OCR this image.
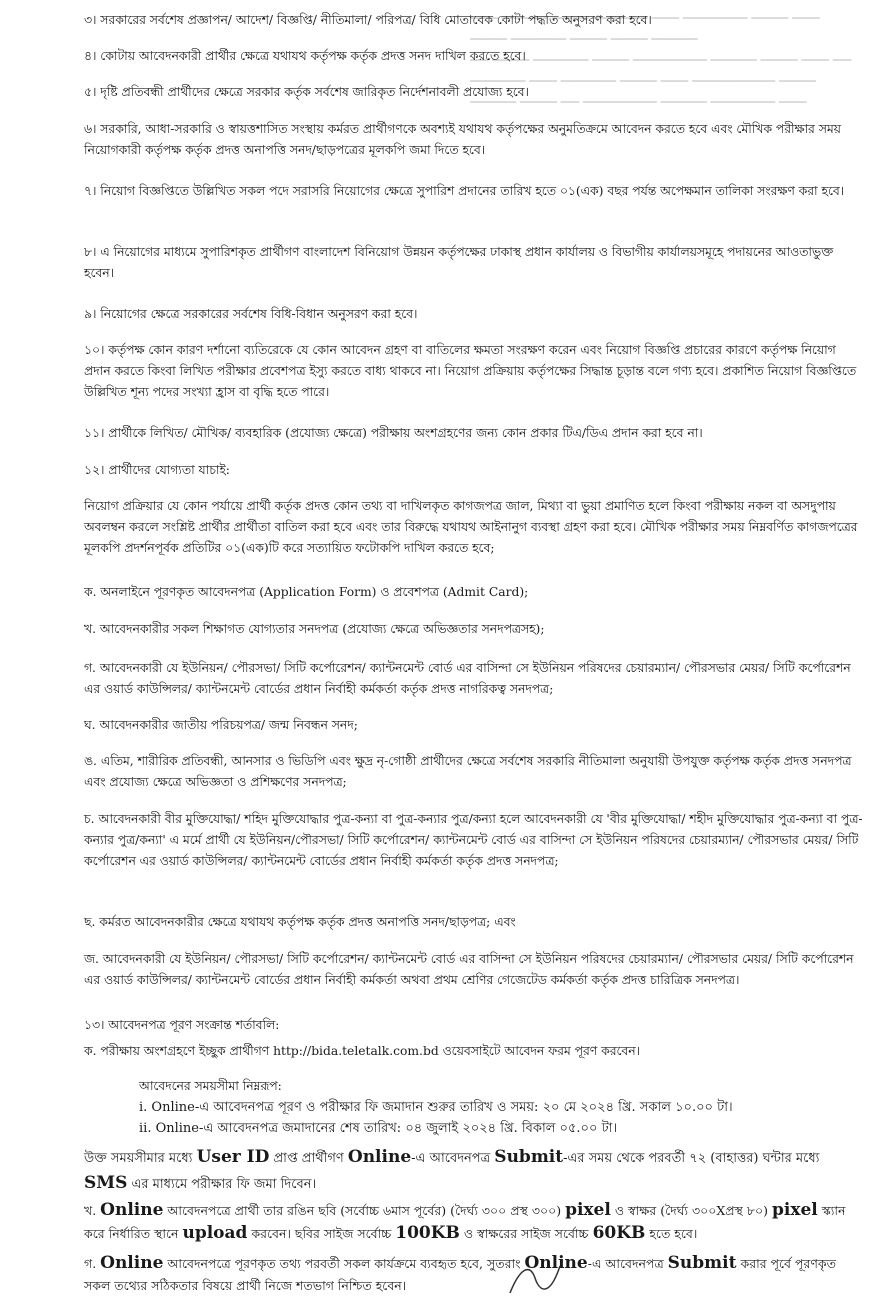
▁▁▁ ▁▁▁▁▁ ▁▁▁▁ ▁▁▁▁▁▁ ▁▁▁ ▁▁▁▁▁▁▁ ▁▁▁▁ ▁▁▁
▁▁▁▁ ▁▁▁▁▁▁ ▁▁▁▁ ▁▁▁▁ ▁▁▁▁▁
▁▁ ▁▁▁▁ ▁▁▁▁▁▁ ▁▁▁▁ ▁▁▁▁▁▁▁▁ ▁▁▁▁▁ ▁▁▁▁ ▁▁▁ ▁▁
▁▁▁▁▁▁ ▁▁▁ ▁▁▁▁▁▁ ▁▁▁▁ ▁▁▁ ▁▁▁▁▁▁▁▁▁ ▁▁▁▁
▁▁▁▁▁ ▁▁▁▁ ▁▁ ▁▁▁▁▁▁▁▁ ▁▁▁▁▁ ▁▁▁▁▁▁▁ ▁▁▁

৩। সরকারের সর্বশেষ প্রজ্ঞাপন/ আদেশ/ বিজ্ঞপ্তি/ নীতিমালা/ পরিপত্র/ বিধি মোতাবেক কোটা পদ্ধতি অনুসরণ করা হবে।

৪। কোটায় আবেদনকারী প্রার্থীর ক্ষেত্রে যথাযথ কর্তৃপক্ষ কর্তৃক প্রদত্ত সনদ দাখিল করতে হবে।

৫। দৃষ্টি প্রতিবন্ধী প্রার্থীদের ক্ষেত্রে সরকার কর্তৃক সর্বশেষ জারিকৃত নির্দেশনাবলী প্রযোজ্য হবে।

৬। সরকারি, আধা-সরকারি ও স্বায়ত্তশাসিত সংস্থায় কর্মরত প্রার্থীগণকে অবশ্যই যথাযথ কর্তৃপক্ষের অনুমতিক্রমে আবেদন করতে হবে এবং মৌখিক পরীক্ষার সময় নিয়োগকারী কর্তৃপক্ষ কর্তৃক প্রদত্ত অনাপত্তি সনদ/ছাড়পত্রের মূলকপি জমা দিতে হবে।

৭। নিয়োগ বিজ্ঞপ্তিতে উল্লিখিত সকল পদে সরাসরি নিয়োগের ক্ষেত্রে সুপারিশ প্রদানের তারিখ হতে ০১(এক) বছর পর্যন্ত অপেক্ষমান তালিকা সংরক্ষণ করা হবে।

৮। এ নিয়োগের মাধ্যমে সুপারিশকৃত প্রার্থীগণ বাংলাদেশ বিনিয়োগ উন্নয়ন কর্তৃপক্ষের ঢাকাস্থ প্রধান কার্যালয় ও বিভাগীয় কার্যালয়সমূহে পদায়নের আওতাভুক্ত হবেন।

৯। নিয়োগের ক্ষেত্রে সরকারের সর্বশেষ বিধি-বিধান অনুসরণ করা হবে।

১০। কর্তৃপক্ষ কোন কারণ দর্শানো ব্যতিরেকে যে কোন আবেদন গ্রহণ বা বাতিলের ক্ষমতা সংরক্ষণ করেন এবং নিয়োগ বিজ্ঞপ্তি প্রচারের কারণে কর্তৃপক্ষ নিয়োগ প্রদান করতে কিংবা লিখিত পরীক্ষার প্রবেশপত্র ইস্যু করতে বাধ্য থাকবে না। নিয়োগ প্রক্রিয়ায় কর্তৃপক্ষের সিদ্ধান্ত চূড়ান্ত বলে গণ্য হবে। প্রকাশিত নিয়োগ বিজ্ঞপ্তিতে উল্লিখিত শূন্য পদের সংখ্যা হ্রাস বা বৃদ্ধি হতে পারে।

১১। প্রার্থীকে লিখিত/ মৌখিক/ ব্যবহারিক (প্রযোজ্য ক্ষেত্রে) পরীক্ষায় অংশগ্রহণের জন্য কোন প্রকার টিএ/ডিএ প্রদান করা হবে না।

১২। প্রার্থীদের যোগ্যতা যাচাই:

নিয়োগ প্রক্রিয়ার যে কোন পর্যায়ে প্রার্থী কর্তৃক প্রদত্ত কোন তথ্য বা দাখিলকৃত কাগজপত্র জাল, মিথ্যা বা ভুয়া প্রমাণিত হলে কিংবা পরীক্ষায় নকল বা অসদুপায় অবলম্বন করলে সংশ্লিষ্ট প্রার্থীর প্রার্থীতা বাতিল করা হবে এবং তার বিরুদ্ধে যথাযথ আইনানুগ ব্যবস্থা গ্রহণ করা হবে। মৌখিক পরীক্ষার সময় নিম্নবর্ণিত কাগজপত্রের মূলকপি প্রদর্শনপূর্বক প্রতিটির ০১(এক)টি করে সত্যায়িত ফটোকপি দাখিল করতে হবে;

ক. অনলাইনে পূরণকৃত আবেদনপত্র (Application Form) ও প্রবেশপত্র (Admit Card);

খ. আবেদনকারীর সকল শিক্ষাগত যোগ্যতার সনদপত্র (প্রযোজ্য ক্ষেত্রে অভিজ্ঞতার সনদপত্রসহ);

গ. আবেদনকারী যে ইউনিয়ন/ পৌরসভা/ সিটি কর্পোরেশন/ ক্যান্টনমেন্ট বোর্ড এর বাসিন্দা সে ইউনিয়ন পরিষদের চেয়ারম্যান/ পৌরসভার মেয়র/ সিটি কর্পোরেশন এর ওয়ার্ড কাউন্সিলর/ ক্যান্টনমেন্ট বোর্ডের প্রধান নির্বাহী কর্মকর্তা কর্তৃক প্রদত্ত নাগরিকত্ব সনদপত্র;

ঘ. আবেদনকারীর জাতীয় পরিচয়পত্র/ জন্ম নিবন্ধন সনদ;

ঙ. এতিম, শারীরিক প্রতিবন্ধী, আনসার ও ভিডিপি এবং ক্ষুদ্র নৃ-গোষ্ঠী প্রার্থীদের ক্ষেত্রে সর্বশেষ সরকারি নীতিমালা অনুযায়ী উপযুক্ত কর্তৃপক্ষ কর্তৃক প্রদত্ত সনদপত্র এবং প্রযোজ্য ক্ষেত্রে অভিজ্ঞতা ও প্রশিক্ষণের সনদপত্র;

চ. আবেদনকারী বীর মুক্তিযোদ্ধা/ শহিদ মুক্তিযোদ্ধার পুত্র-কন্যা বা পুত্র-কন্যার পুত্র/কন্যা হলে আবেদনকারী যে 'বীর মুক্তিযোদ্ধা/ শহীদ মুক্তিযোদ্ধার পুত্র-কন্যা বা পুত্র-কন্যার পুত্র/কন্যা' এ মর্মে প্রার্থী যে ইউনিয়ন/পৌরসভা/ সিটি কর্পোরেশন/ ক্যান্টনমেন্ট বোর্ড এর বাসিন্দা সে ইউনিয়ন পরিষদের চেয়ারম্যান/ পৌরসভার মেয়র/ সিটি কর্পোরেশন এর ওয়ার্ড কাউন্সিলর/ ক্যান্টনমেন্ট বোর্ডের প্রধান নির্বাহী কর্মকর্তা কর্তৃক প্রদত্ত সনদপত্র;

ছ. কর্মরত আবেদনকারীর ক্ষেত্রে যথাযথ কর্তৃপক্ষ কর্তৃক প্রদত্ত অনাপত্তি সনদ/ছাড়পত্র; এবং

জ. আবেদনকারী যে ইউনিয়ন/ পৌরসভা/ সিটি কর্পোরেশন/ ক্যান্টনমেন্ট বোর্ড এর বাসিন্দা সে ইউনিয়ন পরিষদের চেয়ারম্যান/ পৌরসভার মেয়র/ সিটি কর্পোরেশন এর ওয়ার্ড কাউন্সিলর/ ক্যান্টনমেন্ট বোর্ডের প্রধান নির্বাহী কর্মকর্তা অথবা প্রথম শ্রেণির গেজেটেড কর্মকর্তা কর্তৃক প্রদত্ত চারিত্রিক সনদপত্র।

১৩। আবেদনপত্র পূরণ সংক্রান্ত শর্তাবলি:

ক. পরীক্ষায় অংশগ্রহণে ইচ্ছুক প্রার্থীগণ http://bida.teletalk.com.bd ওয়েবসাইটে আবেদন ফরম পূরণ করবেন।

আবেদনের সময়সীমা নিম্নরূপ:

i. Online-এ আবেদনপত্র পূরণ ও পরীক্ষার ফি জমাদান শুরুর তারিখ ও সময়: ২০ মে ২০২৪ খ্রি. সকাল ১০.০০ টা।

ii. Online-এ আবেদনপত্র জমাদানের শেষ তারিখ: ০৪ জুলাই ২০২৪ খ্রি. বিকাল ০৫.০০ টা।

উক্ত সময়সীমার মধ্যে User ID প্রাপ্ত প্রার্থীগণ Online-এ আবেদনপত্র Submit-এর সময় থেকে পরবর্তী ৭২ (বাহাত্তর) ঘন্টার মধ্যে SMS এর মাধ্যমে পরীক্ষার ফি জমা দিবেন।

খ. Online আবেদনপত্রে প্রার্থী তার রঙিন ছবি (সর্বোচ্চ ৬মাস পূর্বের) (দৈর্ঘ্য ৩০০ প্রস্থ ৩০০) pixel ও স্বাক্ষর (দৈর্ঘ্য ৩০০Xপ্রস্থ ৮০) pixel স্ক্যান করে নির্ধারিত স্থানে upload করবেন। ছবির সাইজ সর্বোচ্চ 100KB ও স্বাক্ষরের সাইজ সর্বোচ্চ 60KB হতে হবে।

গ. Online আবেদনপত্রে পূরণকৃত তথ্য পরবর্তী সকল কার্যক্রমে ব্যবহৃত হবে, সুতরাং Online-এ আবেদনপত্র Submit করার পূর্বে পূরণকৃত সকল তথ্যের সঠিকতার বিষয়ে প্রার্থী নিজে শতভাগ নিশ্চিত হবেন।
